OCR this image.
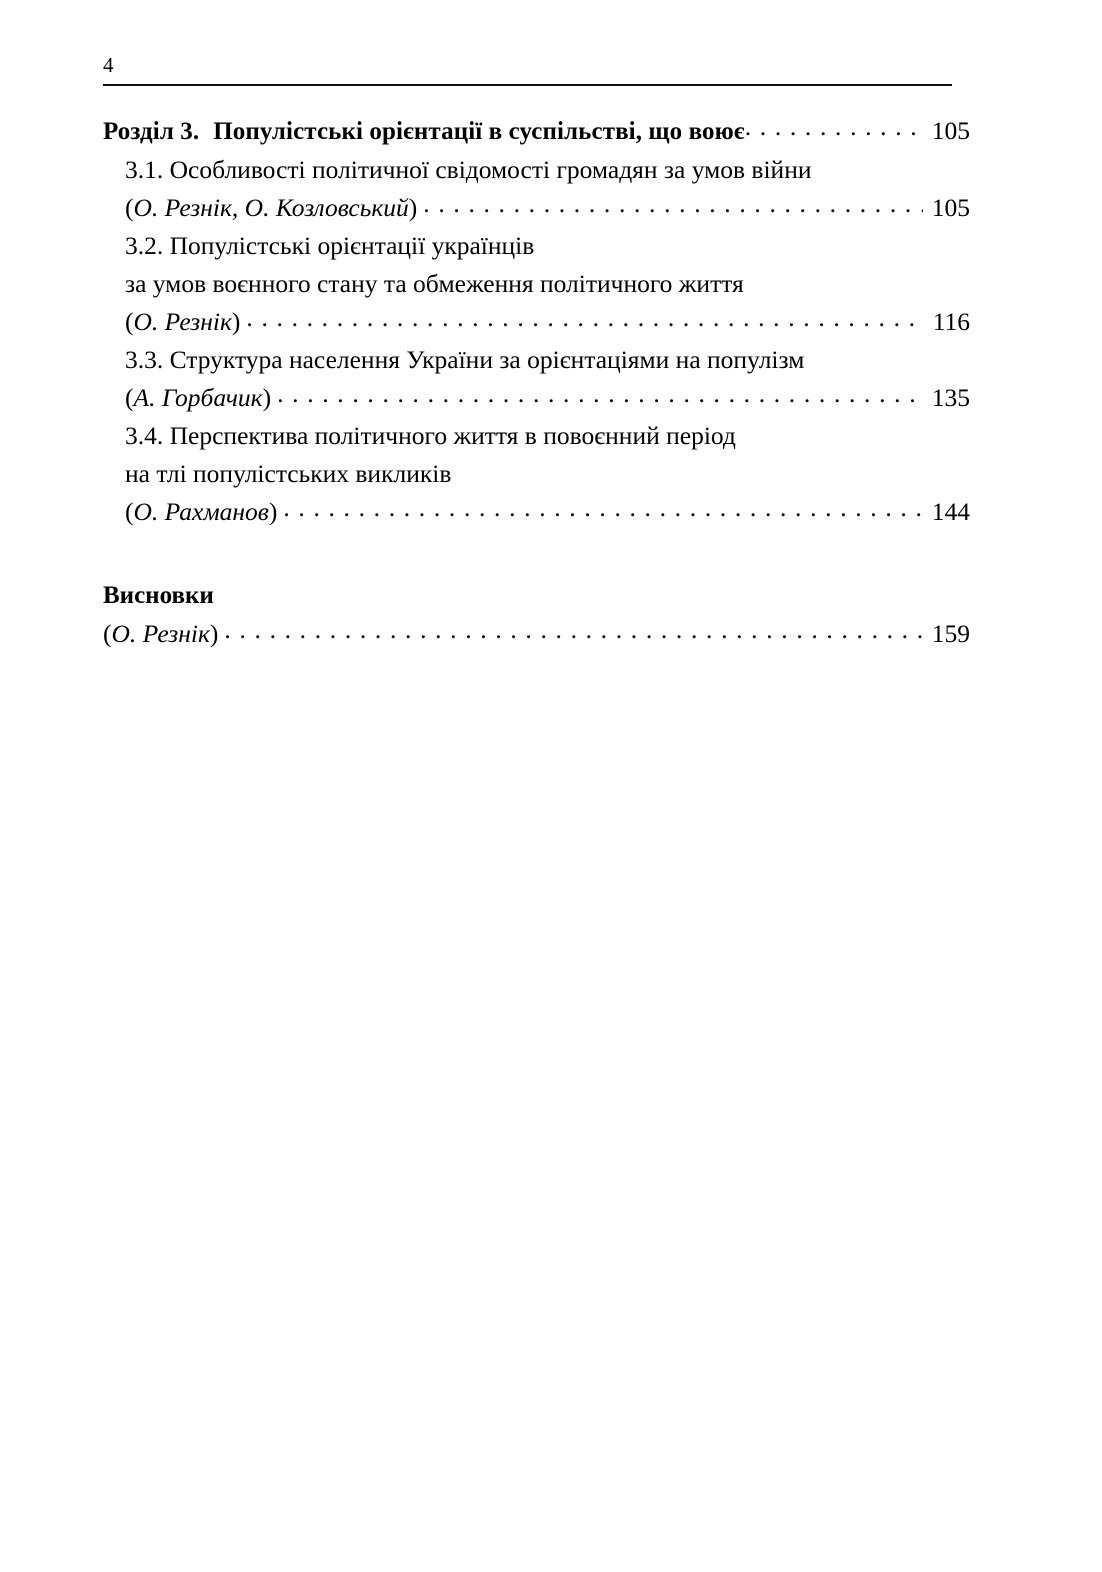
4
Розділ 3. Популістські орієнтації в суспільстві, що воює . . .	105
3.1. Особливості політичної свідомості громадян за умов війни
(О. Резнік, О. Козловський) . . .	105
3.2. Популістські орієнтації українців
за умов воєнного стану та обмеження політичного життя
(О. Резнік) . . .	116
3.3. Структура населення України за орієнтаціями на популізм
(А. Горбачик) . . .	135
3.4. Перспектива політичного життя в повоєнний період
на тлі популістських викликів
(О. Рахманов) . . .	144
Висновки
(О. Резнік) . . .	159
